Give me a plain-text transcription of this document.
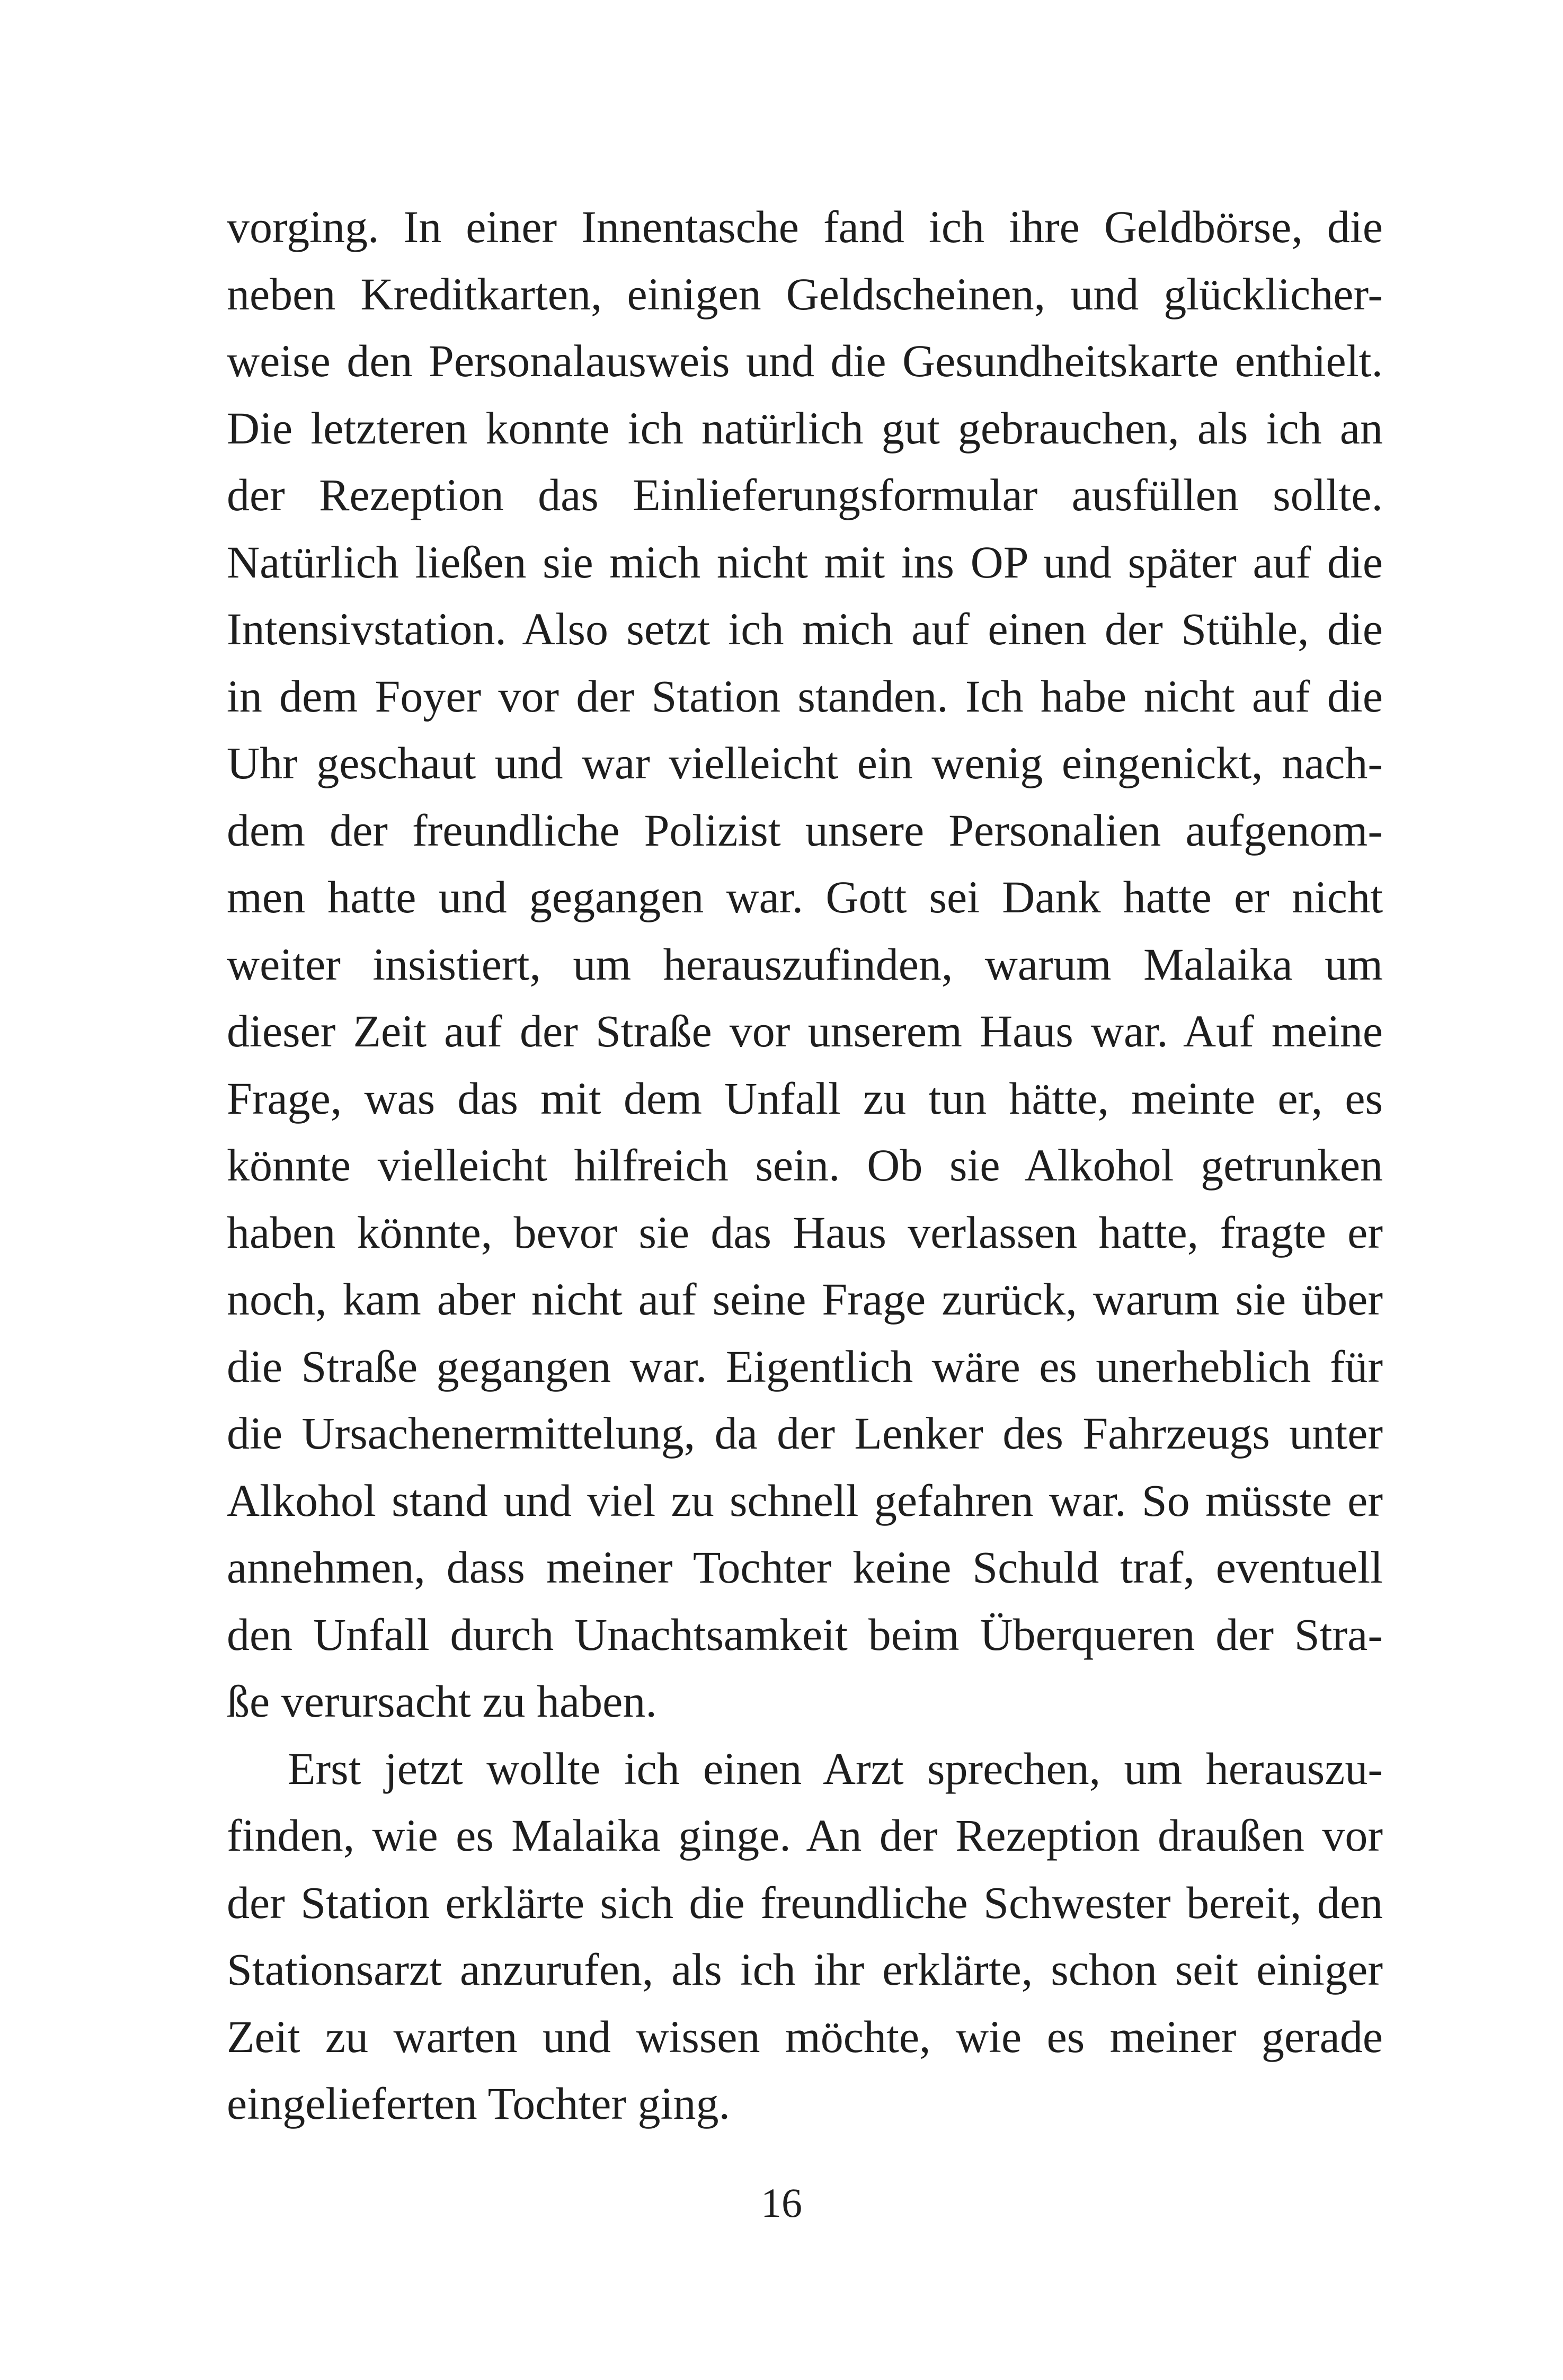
vorging. In einer Innentasche fand ich ihre Geldbörse, die
neben Kreditkarten, einigen Geldscheinen, und glücklicher-
weise den Personalausweis und die Gesundheitskarte enthielt.
Die letzteren konnte ich natürlich gut gebrauchen, als ich an
der Rezeption das Einlieferungsformular ausfüllen sollte.
Natürlich ließen sie mich nicht mit ins OP und später auf die
Intensivstation. Also setzt ich mich auf einen der Stühle, die
in dem Foyer vor der Station standen. Ich habe nicht auf die
Uhr geschaut und war vielleicht ein wenig eingenickt, nach-
dem der freundliche Polizist unsere Personalien aufgenom-
men hatte und gegangen war. Gott sei Dank hatte er nicht
weiter insistiert, um herauszufinden, warum Malaika um
dieser Zeit auf der Straße vor unserem Haus war. Auf meine
Frage, was das mit dem Unfall zu tun hätte, meinte er, es
könnte vielleicht hilfreich sein. Ob sie Alkohol getrunken
haben könnte, bevor sie das Haus verlassen hatte, fragte er
noch, kam aber nicht auf seine Frage zurück, warum sie über
die Straße gegangen war. Eigentlich wäre es unerheblich für
die Ursachenermittelung, da der Lenker des Fahrzeugs unter
Alkohol stand und viel zu schnell gefahren war. So müsste er
annehmen, dass meiner Tochter keine Schuld traf, eventuell
den Unfall durch Unachtsamkeit beim Überqueren der Stra-
ße verursacht zu haben.
Erst jetzt wollte ich einen Arzt sprechen, um herauszu-
finden, wie es Malaika ginge. An der Rezeption draußen vor
der Station erklärte sich die freundliche Schwester bereit, den
Stationsarzt anzurufen, als ich ihr erklärte, schon seit einiger
Zeit zu warten und wissen möchte, wie es meiner gerade
eingelieferten Tochter ging.
16
